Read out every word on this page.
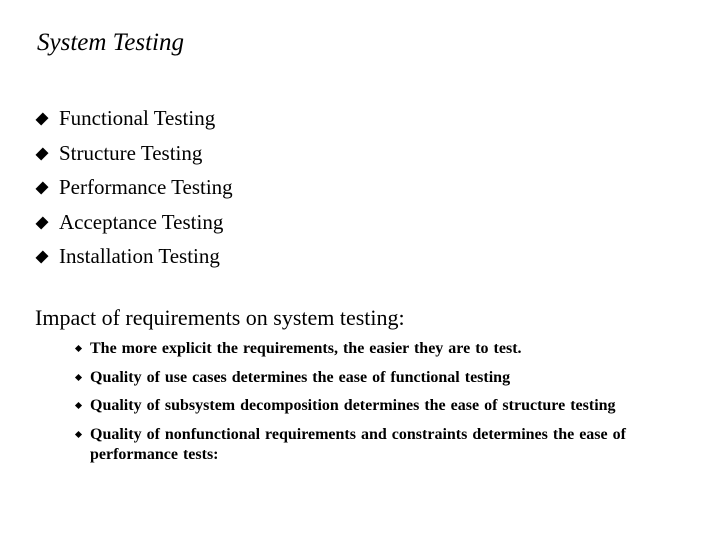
System Testing
Functional Testing
Structure Testing
Performance Testing
Acceptance Testing
Installation Testing
Impact of requirements on system testing:
The more explicit the requirements, the easier they are to test.
Quality of use cases determines the ease of functional testing
Quality of subsystem decomposition determines the ease of structure testing
Quality of nonfunctional requirements and constraints determines the ease of performance tests:
